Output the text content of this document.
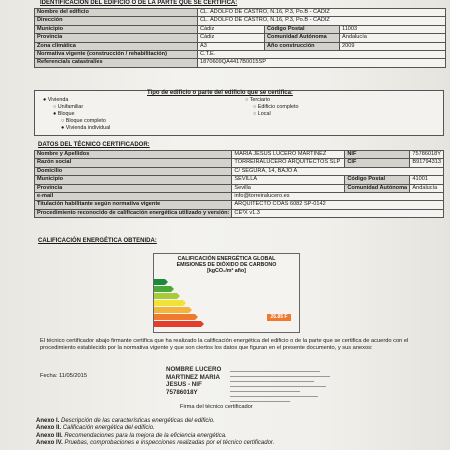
IDENTIFICACIÓN DEL EDIFICIO O DE LA PARTE QUE SE CERTIFICA:
Nombre del edificio	CL. ADOLFO DE CASTRO, N.16, P.3, Po.B - CADIZ		
Dirección	CL. ADOLFO DE CASTRO, N.16, P.3, Po.B - CADIZ		
Municipio	Cádiz	Código Postal	11003
Provincia	Cádiz	Comunidad Autónoma	Andalucía
Zona climática	A3	Año construcción	2009
Normativa vigente (construcción / rehabilitación)	C.T.E.		
Referencia/s catastral/es	1870609QA4417B0015SP		
Tipo de edificio o parte del edificio que se certifica:
● Vivienda
○ Unifamiliar
● Bloque
○ Bloque completo
● Vivienda individual
○ Terciario
○ Edificio completo
○ Local
DATOS DEL TÉCNICO CERTIFICADOR:
Nombre y Apellidos	MARIA JESUS LUCERO MARTINEZ	NIF	75786018Y
Razón social	TORREIRALUCERO ARQUITECTOS SLP	CIF	B91794313
Domicilio	C/ SEGURA, 14, BAJO A		
Municipio	SEVILLA	Código Postal	41001
Provincia	Sevilla	Comunidad Autónoma	Andalucía
e-mail	info@torreiralucero.es		
Titulación habilitante según normativa vigente	ARQUITECTO COAS 6082 SP-0142		
Procedimiento reconocido de calificación energética utilizado y versión:	CE³X v1.3		
CALIFICACIÓN ENERGÉTICA OBTENIDA:
CALIFICACIÓN ENERGÉTICA GLOBAL
EMISIONES DE DIÓXIDO DE CARBONO
[kgCO₂/m² año]
26.85 F
El técnico certificador abajo firmante certifica que ha realizado la calificación energética del edificio o de la parte que se certifica de acuerdo con el procedimiento establecido por la normativa vigente y que son ciertos los datos que figuran en el presente documento, y sus anexos:
Fecha: 11/05/2015
NOMBRE LUCERO
MARTINEZ MARIA
JESUS - NIF
75786018Y
Firma del técnico certificador
Anexo I. Descripción de las características energéticas del edificio.
Anexo II. Calificación energética del edificio.
Anexo III. Recomendaciones para la mejora de la eficiencia energética.
Anexo IV. Pruebas, comprobaciones e inspecciones realizadas por el técnico certificador.
